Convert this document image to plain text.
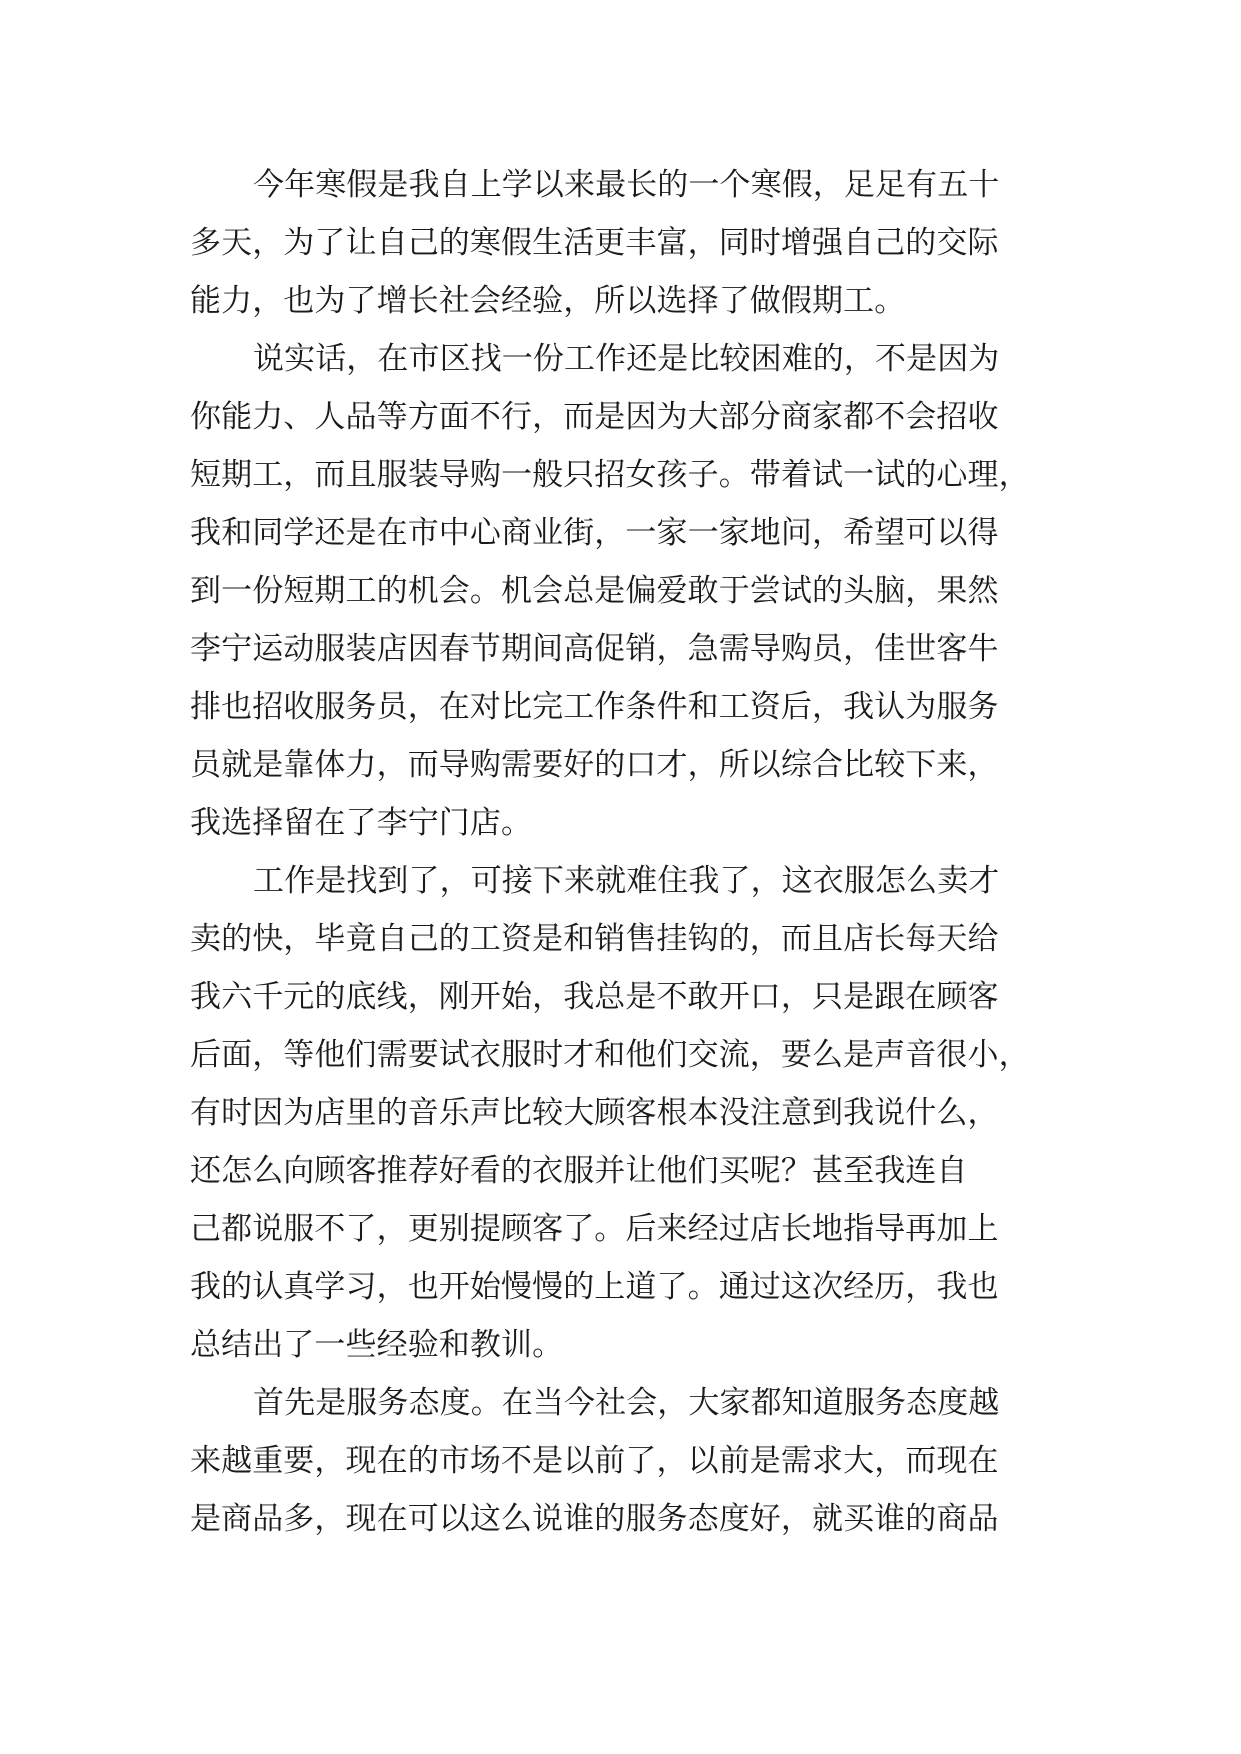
今年寒假是我自上学以来最长的一个寒假，足足有五十
多天，为了让自己的寒假生活更丰富，同时增强自己的交际
能力，也为了增长社会经验，所以选择了做假期工。

说实话，在市区找一份工作还是比较困难的，不是因为
你能力、人品等方面不行，而是因为大部分商家都不会招收
短期工，而且服装导购一般只招女孩子。带着试一试的心理，
我和同学还是在市中心商业街，一家一家地问，希望可以得
到一份短期工的机会。机会总是偏爱敢于尝试的头脑，果然
李宁运动服装店因春节期间高促销，急需导购员，佳世客牛
排也招收服务员，在对比完工作条件和工资后，我认为服务
员就是靠体力，而导购需要好的口才，所以综合比较下来，
我选择留在了李宁门店。

工作是找到了，可接下来就难住我了，这衣服怎么卖才
卖的快，毕竟自己的工资是和销售挂钩的，而且店长每天给
我六千元的底线，刚开始，我总是不敢开口，只是跟在顾客
后面，等他们需要试衣服时才和他们交流，要么是声音很小，
有时因为店里的音乐声比较大顾客根本没注意到我说什么，
还怎么向顾客推荐好看的衣服并让他们买呢？甚至我连自
己都说服不了，更别提顾客了。后来经过店长地指导再加上
我的认真学习，也开始慢慢的上道了。通过这次经历，我也
总结出了一些经验和教训。

首先是服务态度。在当今社会，大家都知道服务态度越
来越重要，现在的市场不是以前了，以前是需求大，而现在
是商品多，现在可以这么说谁的服务态度好，就买谁的商品
